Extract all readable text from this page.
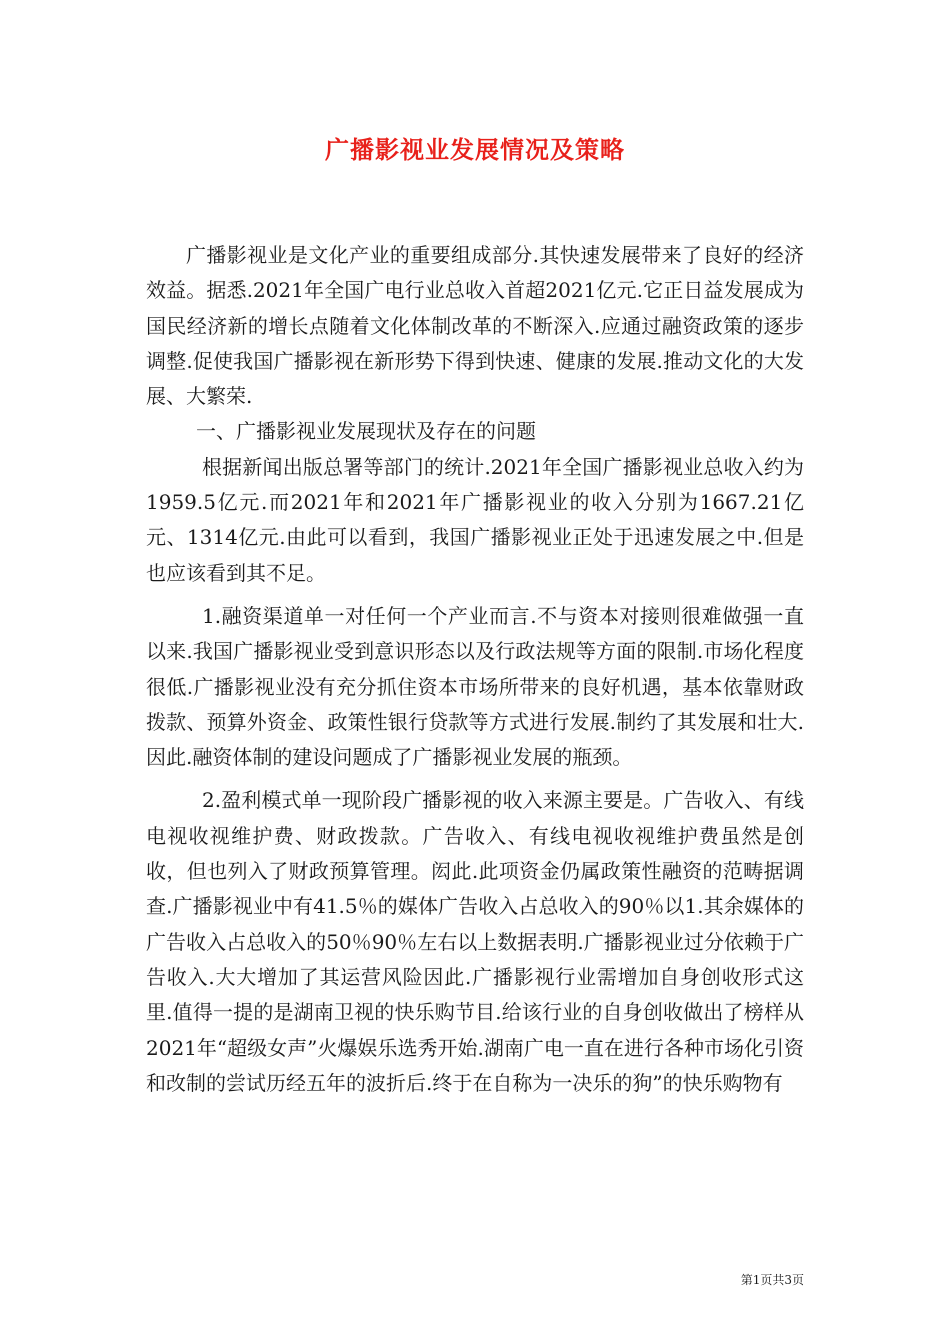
广播影视业发展情况及策略

广播影视业是文化产业的重要组成部分.其快速发展带来了良好的经济效益。据悉.2021年全国广电行业总收入首超2021亿元.它正日益发展成为国民经济新的增长点随着文化体制改革的不断深入.应通过融资政策的逐步调整.促使我国广播影视在新形势下得到快速、健康的发展.推动文化的大发展、大繁荣.

一、广播影视业发展现状及存在的问题

根据新闻出版总署等部门的统计.2021年全国广播影视业总收入约为1959.5亿元.而2021年和2021年广播影视业的收入分别为1667.21亿元、1314亿元.由此可以看到，我国广播影视业正处于迅速发展之中.但是也应该看到其不足。

1.融资渠道单一对任何一个产业而言.不与资本对接则很难做强一直以来.我国广播影视业受到意识形态以及行政法规等方面的限制.市场化程度很低.广播影视业没有充分抓住资本市场所带来的良好机遇，基本依靠财政拨款、预算外资金、政策性银行贷款等方式进行发展.制约了其发展和壮大.因此.融资体制的建设问题成了广播影视业发展的瓶颈。

2.盈利模式单一现阶段广播影视的收入来源主要是。广告收入、有线电视收视维护费、财政拨款。广告收入、有线电视收视维护费虽然是创收，但也列入了财政预算管理。闳此.此项资金仍属政策性融资的范畴据调查.广播影视业中有41.5％的媒体广告收入占总收入的90％以1.其余媒体的广告收入占总收入的50％90％左右以上数据表明.广播影视业过分依赖于广告收入.大大增加了其运营风险因此.广播影视行业需增加自身创收形式这里.值得一提的是湖南卫视的快乐购节目.给该行业的自身创收做出了榜样从2021年“超级女声”火爆娱乐选秀开始.湖南广电一直在进行各种市场化引资和改制的尝试历经五年的波折后.终于在自称为一决乐的狗”的快乐购物有

第1页共3页
